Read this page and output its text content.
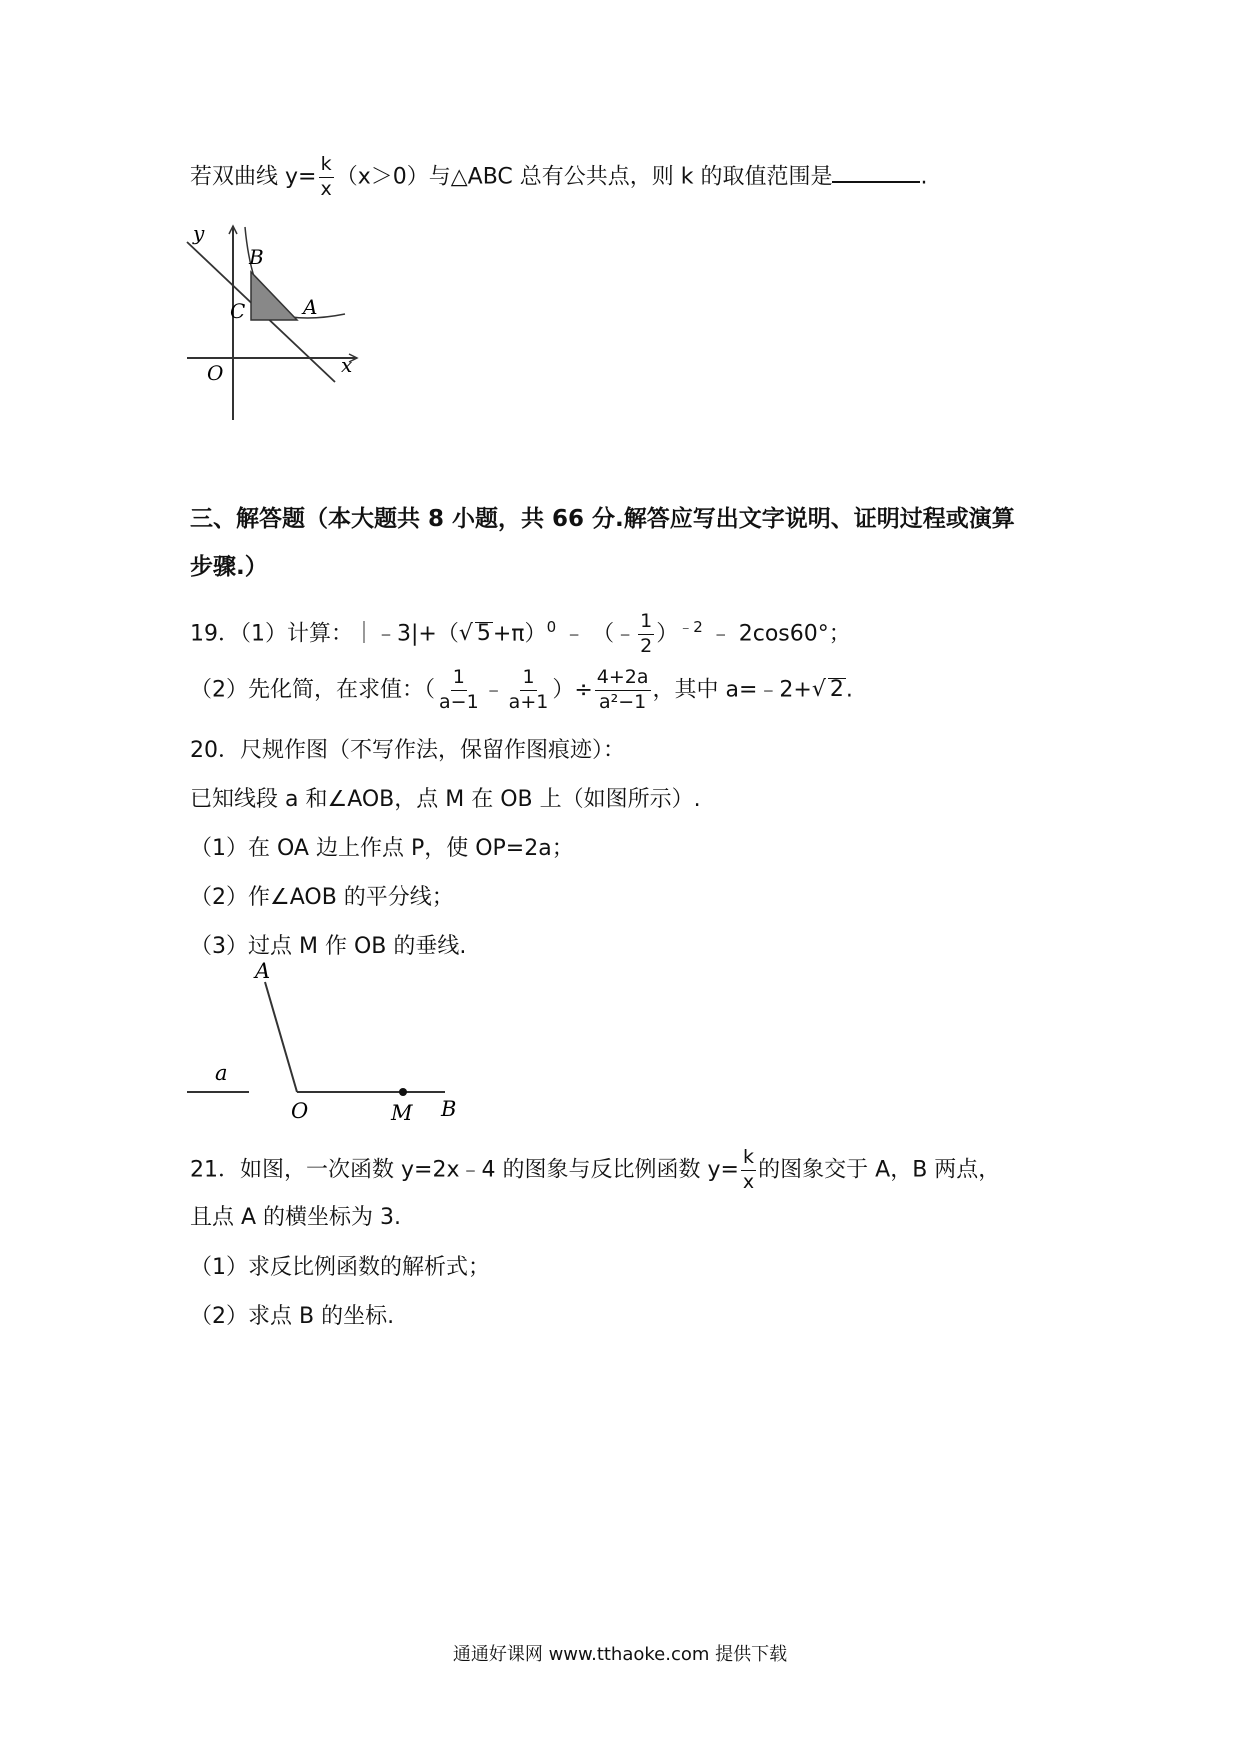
若双曲线 $y= \frac{k}{x} (x>0)$与△ABC 总有公共点，则 k 的取值范围是	.
y
x
O
B
C	A
三、解答题（本大题共 8 小题，共 66 分.解答应写出文字说明、证明过程或演算
步骤.）
19．（1）计算：｜﹣3|+（√ 5+π）$^0$ ﹣ （﹣ $\frac{1}{2} )^{﹣2}$ ﹣ 2cos60°；
（2）先化简，在求值：（ $\frac{1}{a-1}$ ﹣ $\frac{1}{a+1}$ ）÷ $\frac{4+2a}{\text{a²−1}}$ ，其中 a=﹣2+√ 2.
20．尺规作图（不写作法，保留作图痕迹）：
已知线段 a 和∠AOB，点 M 在 OB 上（如图所示）.
（1）在 OA 边上作点 P，使 OP=2a；
（2）作∠AOB 的平分线；
（3）过点 M 作 OB 的垂线.
a
A
O	M B
21．如图，一次函数 y=2x﹣4 的图象与反比例函数 $y= \frac{k}{x}$ 的图象交于 A，B 两点，
且点 A 的横坐标为 3.
（1）求反比例函数的解析式；
（2）求点 B 的坐标.
通通好课网 www.tthaoke.com 提供下载
